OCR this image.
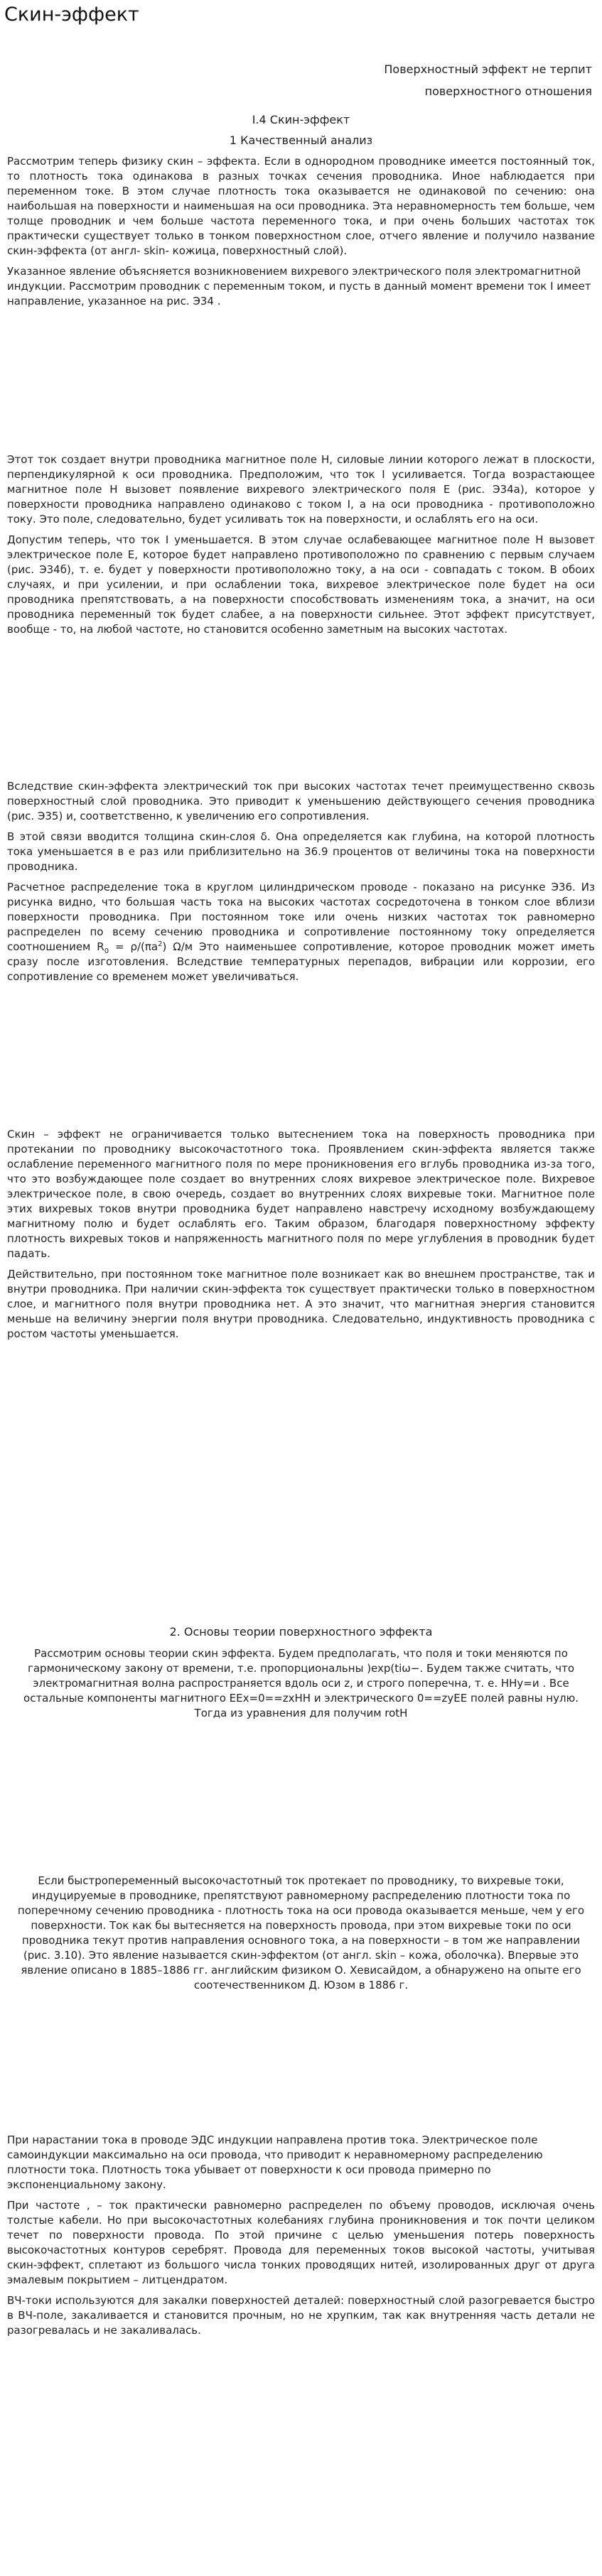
Скин-эффект
Поверхностный эффект не терпит
поверхностного отношения
I.4 Скин-эффект
1 Качественный анализ

Рассмотрим теперь физику скин – эффекта. Если в однородном проводнике имеется постоянный ток, то плотность тока одинакова в разных точках сечения проводника. Иное наблюдается при переменном токе. В этом случае плотность тока оказывается не одинаковой по сечению: она наибольшая на поверхности и наименьшая на оси проводника. Эта неравномерность тем больше, чем толще проводник и чем больше частота переменного тока, и при очень больших частотах ток практически существует только в тонком поверхностном слое, отчего явление и получило название скин-эффекта (от англ- skin- кожица, поверхностный слой).

Указанное явление объясняется возникновением вихревого электрического поля электромагнитной индукции. Рассмотрим проводник с переменным током, и пусть в данный момент времени ток I имеет направление, указанное на рис. Э34 .

Этот ток создает внутри проводника магнитное поле Н, силовые линии которого лежат в плоскости, перпендикулярной к оси проводника. Предположим, что ток I усиливается. Тогда возрастающее магнитное поле Н вызовет появление вихревого электрического поля Е (рис. Э34а), которое у поверхности проводника направлено одинаково с током I, а на оси проводника - противоположно току. Это поле, следовательно, будет усиливать ток на поверхности, и ослаблять его на оси.

Допустим теперь, что ток I уменьшается. В этом случае ослабевающее магнитное поле Н вызовет электрическое поле Е, которое будет направлено противоположно по сравнению с первым случаем (рис. Э34б), т. е. будет у поверхности противоположно току, а на оси - совпадать с током. В обоих случаях, и при усилении, и при ослаблении тока, вихревое электрическое поле будет на оси проводника препятствовать, а на поверхности способствовать изменениям тока, а значит, на оси проводника переменный ток будет слабее, а на поверхности сильнее. Этот эффект присутствует, вообще - то, на любой частоте, но становится особенно заметным на высоких частотах.

Вследствие скин-эффекта электрический ток при высоких частотах течет преимущественно сквозь поверхностный слой проводника. Это приводит к уменьшению действующего сечения проводника (рис. Э35) и, соответственно, к увеличению его сопротивления.

В этой связи вводится толщина скин-слоя δ. Она определяется как глубина, на которой плотность тока уменьшается в е раз или приблизительно на 36.9 процентов от величины тока на поверхности проводника.

Расчетное распределение тока в круглом цилиндрическом проводе - показано на рисунке Э36. Из рисунка видно, что большая часть тока на высоких частотах сосредоточена в тонком слое вблизи поверхности проводника. При постоянном токе или очень низких частотах ток равномерно распределен по всему сечению проводника и сопротивление постоянному току определяется соотношением $R_0 = \rho/(\pi a^2)$ Ω/м Это наименьшее сопротивление, которое проводник может иметь сразу после изготовления. Вследствие температурных перепадов, вибрации или коррозии, его сопротивление со временем может увеличиваться.

Скин – эффект не ограничивается только вытеснением тока на поверхность проводника при протекании по проводнику высокочастотного тока. Проявлением скин-эффекта является также ослабление переменного магнитного поля по мере проникновения его вглубь проводника из-за того, что это возбуждающее поле создает во внутренних слоях вихревое электрическое поле. Вихревое электрическое поле, в свою очередь, создает во внутренних слоях вихревые токи. Магнитное поле этих вихревых токов внутри проводника будет направлено навстречу исходному возбуждающему магнитному полю и будет ослаблять его. Таким образом, благодаря поверхностному эффекту плотность вихревых токов и напряженность магнитного поля по мере углубления в проводник будет падать.

Действительно, при постоянном токе магнитное поле возникает как во внешнем пространстве, так и внутри проводника. При наличии скин-эффекта ток существует практически только в поверхностном слое, и магнитного поля внутри проводника нет. А это значит, что магнитная энергия становится меньше на величину энергии поля внутри проводника. Следовательно, индуктивность проводника с ростом частоты уменьшается.

2. Основы теории поверхностного эффекта

Рассмотрим основы теории скин эффекта. Будем предполагать, что поля и токи меняются по гармоническому закону от времени, т.е. пропорциональны )exp(tiω−. Будем также считать, что электромагнитная волна распространяется вдоль оси z, и строго поперечна, т. е. HHy=и . Все остальные компоненты магнитного ЕЕх=0==zxНН и электрического 0==zyЕЕ полей равны нулю. Тогда из уравнения для получим rotН

Если быстропеременный высокочастотный ток протекает по проводнику, то вихревые токи, индуцируемые в проводнике, препятствуют равномерному распределению плотности тока по поперечному сечению проводника - плотность тока на оси провода оказывается меньше, чем у его поверхности. Ток как бы вытесняется на поверхность провода, при этом вихревые токи по оси проводника текут против направления основного тока, а на поверхности – в том же направлении (рис. 3.10). Это явление называется скин-эффектом (от англ. skin – кожа, оболочка). Впервые это явление описано в 1885–1886 гг. английским физиком О. Хевисайдом, а обнаружено на опыте его соотечественником Д. Юзом в 1886 г.

При нарастании тока в проводе ЭДС индукции направлена против тока. Электрическое поле самоиндукции максимально на оси провода, что приводит к неравномерному распределению плотности тока. Плотность тока убывает от поверхности к оси провода примерно по экспоненциальному закону.

При частоте , – ток практически равномерно распределен по объему проводов, исключая очень толстые кабели. Но при высокочастотных колебаниях глубина проникновения и ток почти целиком течет по поверхности провода. По этой причине с целью уменьшения потерь поверхность высокочастотных контуров серебрят. Провода для переменных токов высокой частоты, учитывая скин-эффект, сплетают из большого числа тонких проводящих нитей, изолированных друг от друга эмалевым покрытием – литцендратом.

ВЧ-токи используются для закалки поверхностей деталей: поверхностный слой разогревается быстро в ВЧ-поле, закаливается и становится прочным, но не хрупким, так как внутренняя часть детали не разогревалась и не закаливалась.
